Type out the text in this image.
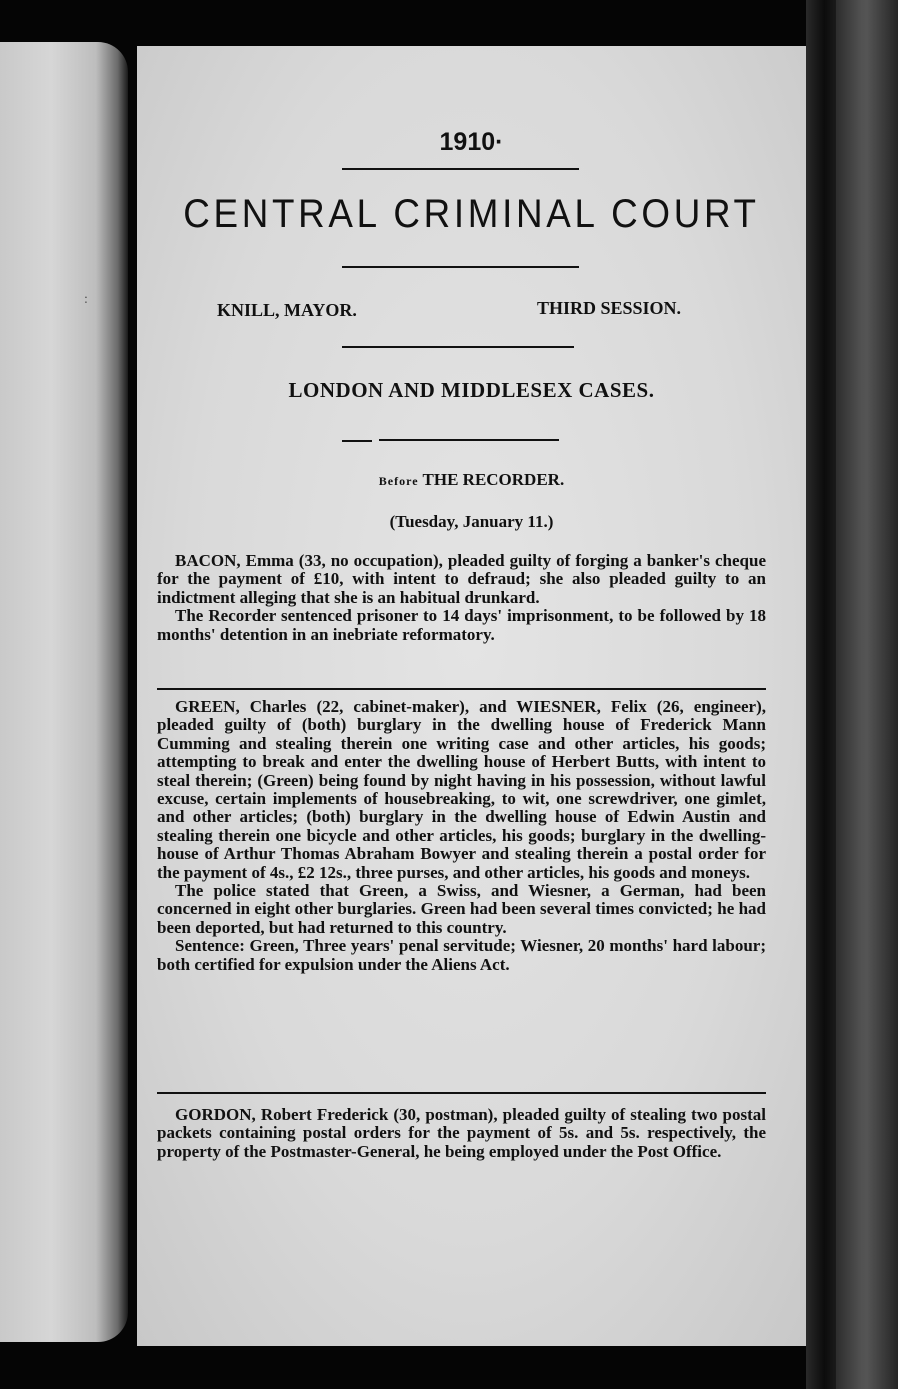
:
1910·
CENTRAL CRIMINAL COURT
KNILL, MAYOR.	THIRD SESSION.
LONDON AND MIDDLESEX CASES.
Before THE RECORDER.
(Tuesday, January 11.)

BACON, Emma (33, no occupation), pleaded guilty of forging a banker's cheque for the payment of £10, with intent to defraud; she also pleaded guilty to an indictment alleging that she is an habitual drunkard.

The Recorder sentenced prisoner to 14 days' imprisonment, to be followed by 18 months' detention in an inebriate reformatory.

GREEN, Charles (22, cabinet-maker), and WIESNER, Felix (26, engineer), pleaded guilty of (both) burglary in the dwelling house of Frederick Mann Cumming and stealing therein one writing case and other articles, his goods; attempting to break and enter the dwelling house of Herbert Butts, with intent to steal therein; (Green) being found by night having in his possession, without lawful excuse, certain implements of housebreaking, to wit, one screwdriver, one gimlet, and other articles; (both) burglary in the dwelling house of Edwin Austin and stealing therein one bicycle and other articles, his goods; burglary in the dwelling-house of Arthur Thomas Abraham Bowyer and stealing therein a postal order for the payment of 4s., £2 12s., three purses, and other articles, his goods and moneys.

The police stated that Green, a Swiss, and Wiesner, a German, had been concerned in eight other burglaries. Green had been several times convicted; he had been deported, but had returned to this country.

Sentence: Green, Three years' penal servitude; Wiesner, 20 months' hard labour; both certified for expulsion under the Aliens Act.

GORDON, Robert Frederick (30, postman), pleaded guilty of stealing two postal packets containing postal orders for the payment of 5s. and 5s. respectively, the property of the Postmaster-General, he being employed under the Post Office.
